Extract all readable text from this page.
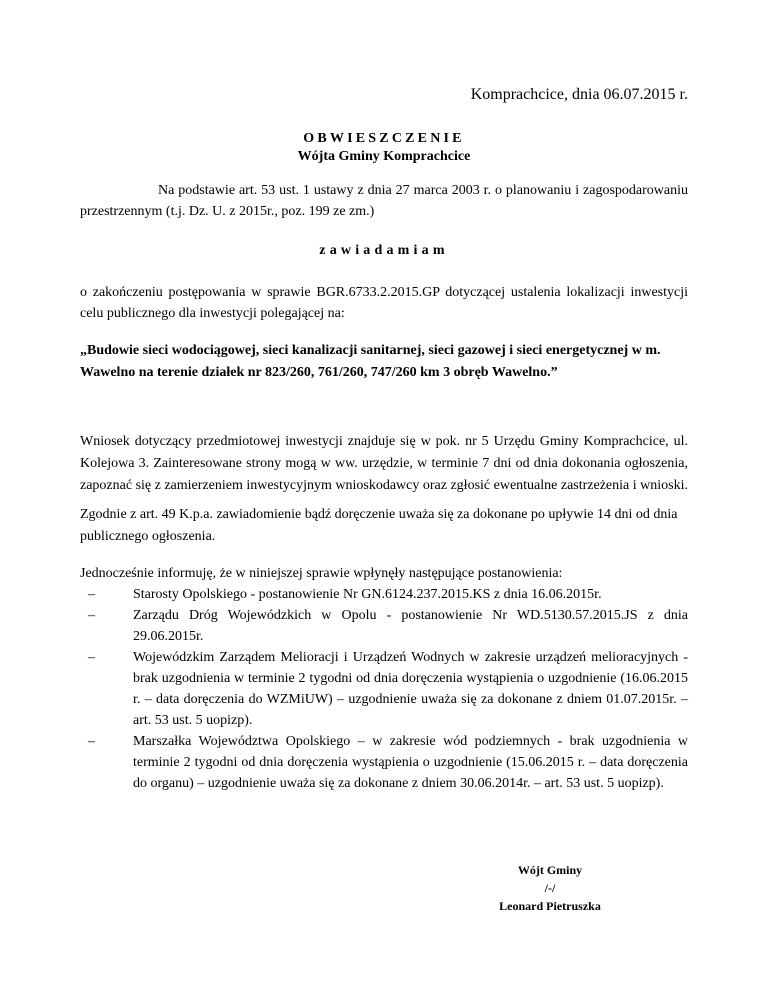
Komprachcice, dnia 06.07.2015 r.

OBWIESZCZENIE

Wójta Gminy Komprachcice

Na podstawie art. 53 ust. 1 ustawy z dnia 27 marca 2003 r. o planowaniu i zagospodarowaniu przestrzennym (t.j. Dz. U. z 2015r., poz. 199 ze zm.)

zawiadamiam

o zakończeniu postępowania w sprawie BGR.6733.2.2015.GP dotyczącej ustalenia lokalizacji inwestycji celu publicznego dla inwestycji polegającej na:

„Budowie sieci wodociągowej, sieci kanalizacji sanitarnej, sieci gazowej i sieci energetycznej w m. Wawelno na terenie działek nr 823/260, 761/260, 747/260 km 3 obręb Wawelno.”

Wniosek dotyczący przedmiotowej inwestycji znajduje się w pok. nr 5 Urzędu Gminy Komprachcice, ul. Kolejowa 3. Zainteresowane strony mogą w ww. urzędzie, w terminie 7 dni od dnia dokonania ogłoszenia, zapoznać się z zamierzeniem inwestycyjnym wnioskodawcy oraz zgłosić ewentualne zastrzeżenia i wnioski.

Zgodnie z art. 49 K.p.a. zawiadomienie bądź doręczenie uważa się za dokonane po upływie 14 dni od dnia publicznego ogłoszenia.

Jednocześnie informuję, że w niniejszej sprawie wpłynęły następujące postanowienia:

–	Starosty Opolskiego - postanowienie Nr GN.6124.237.2015.KS z dnia 16.06.2015r.
–	Zarządu Dróg Wojewódzkich w Opolu - postanowienie Nr WD.5130.57.2015.JS z dnia 29.06.2015r.
–	Wojewódzkim Zarządem Melioracji i Urządzeń Wodnych w zakresie urządzeń melioracyjnych - brak uzgodnienia w terminie 2 tygodni od dnia doręczenia wystąpienia o uzgodnienie (16.06.2015 r. – data doręczenia do WZMiUW) – uzgodnienie uważa się za dokonane z dniem 01.07.2015r. – art. 53 ust. 5 uopizp).
–	Marszałka Województwa Opolskiego – w zakresie wód podziemnych - brak uzgodnienia w terminie 2 tygodni od dnia doręczenia wystąpienia o uzgodnienie (15.06.2015 r. – data doręczenia do organu) – uzgodnienie uważa się za dokonane z dniem 30.06.2014r. – art. 53 ust. 5 uopizp).
Wójt Gminy
/-/
Leonard Pietruszka
